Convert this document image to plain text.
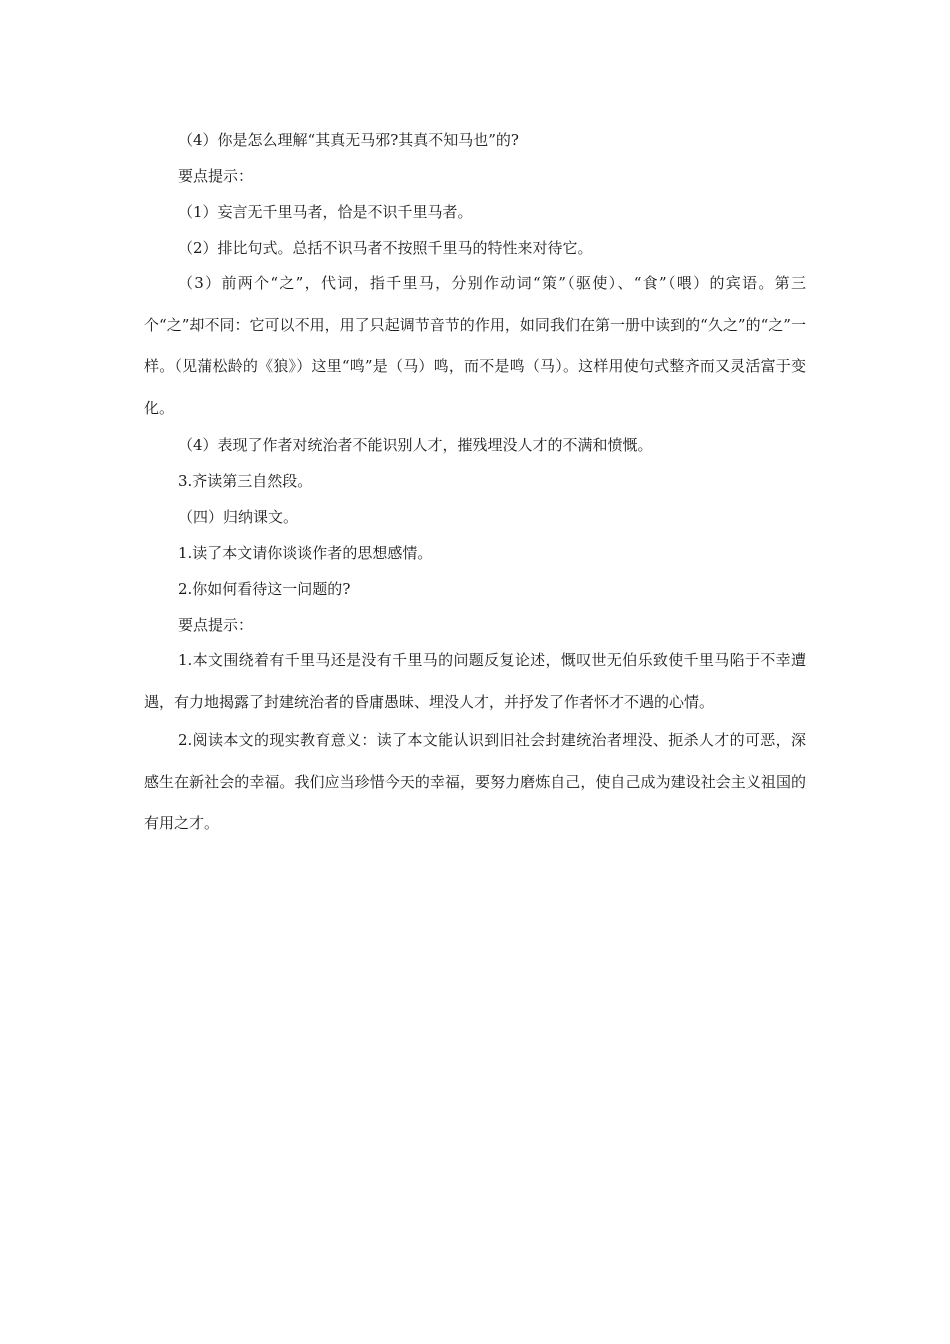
（4）你是怎么理解“其真无马邪?其真不知马也”的?

要点提示：

（1）妄言无千里马者，恰是不识千里马者。

（2）排比句式。总括不识马者不按照千里马的特性来对待它。

（3）前两个“之”，代词，指千里马，分别作动词“策”（驱使）、“食”（喂）的宾语。第三个“之”却不同：它可以不用，用了只起调节音节的作用，如同我们在第一册中读到的“久之”的“之”一样。（见蒲松龄的《狼》）这里“鸣”是（马）鸣，而不是鸣（马）。这样用使句式整齐而又灵活富于变化。

（4）表现了作者对统治者不能识别人才，摧残埋没人才的不满和愤慨。

3.齐读第三自然段。

（四）归纳课文。

1.读了本文请你谈谈作者的思想感情。

2.你如何看待这一问题的?

要点提示：

1.本文围绕着有千里马还是没有千里马的问题反复论述，慨叹世无伯乐致使千里马陷于不幸遭遇，有力地揭露了封建统治者的昏庸愚昧、埋没人才，并抒发了作者怀才不遇的心情。

2.阅读本文的现实教育意义：读了本文能认识到旧社会封建统治者埋没、扼杀人才的可恶，深感生在新社会的幸福。我们应当珍惜今天的幸福，要努力磨炼自己，使自己成为建设社会主义祖国的有用之才。
